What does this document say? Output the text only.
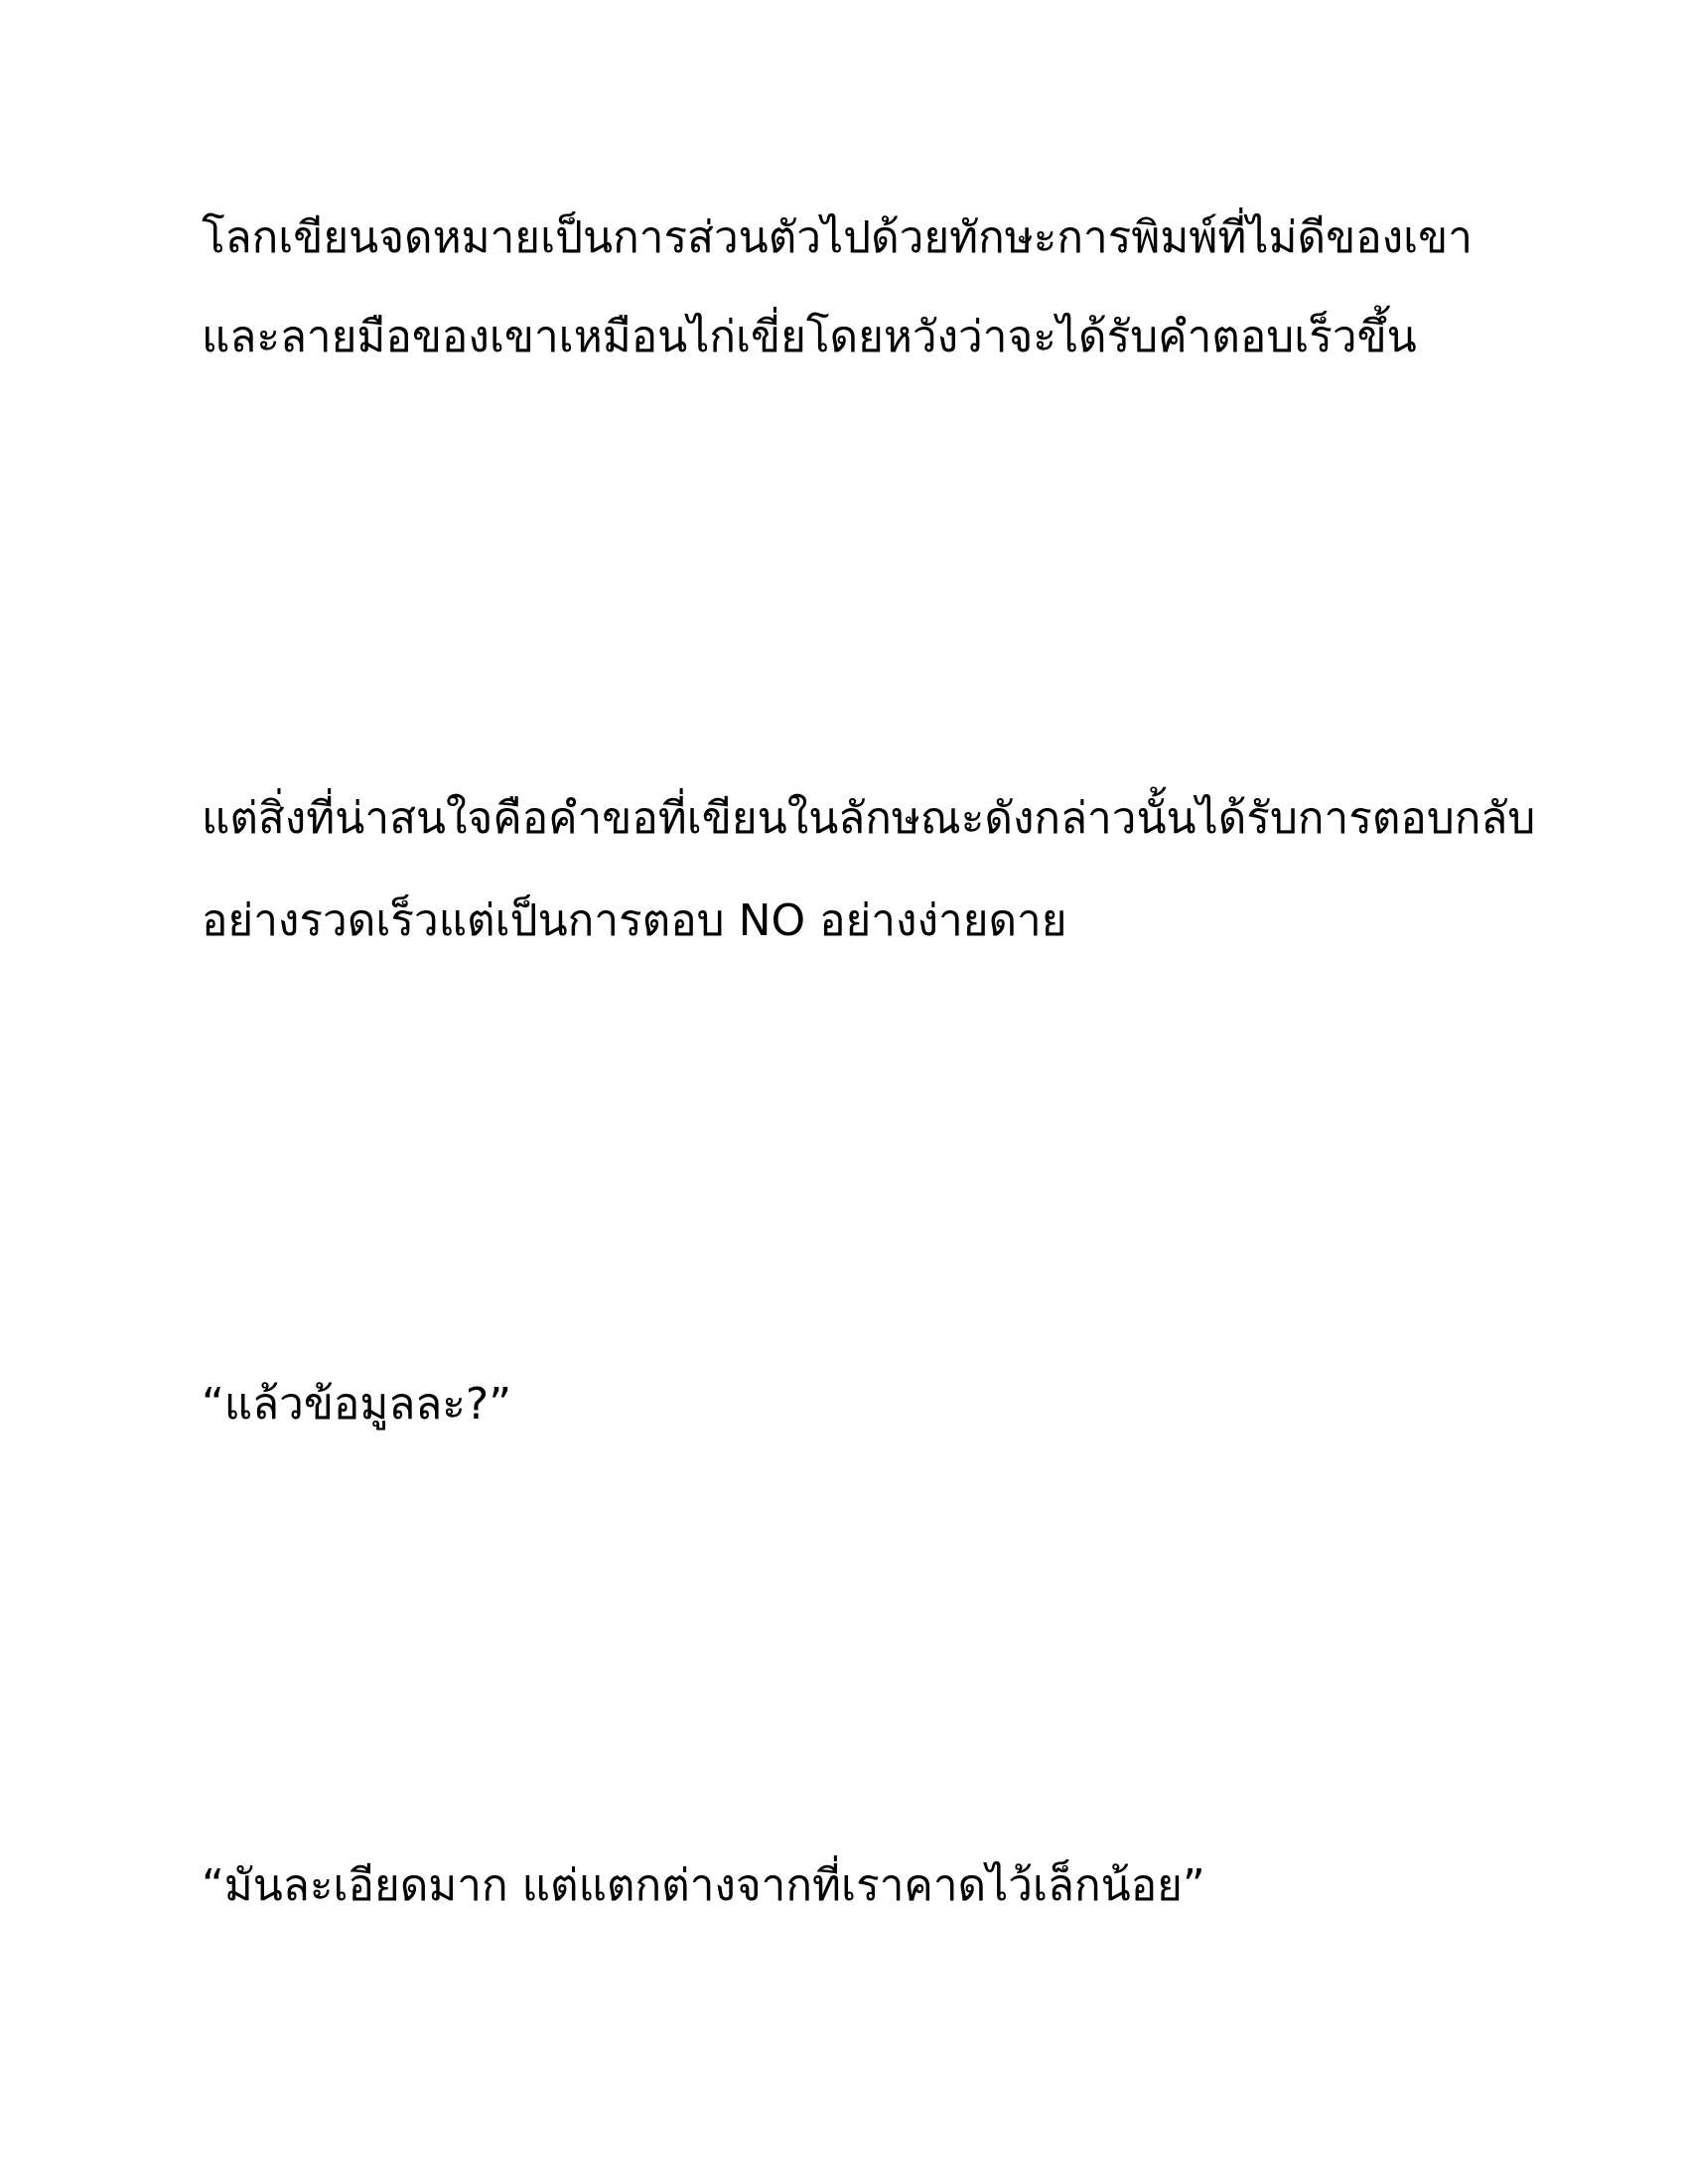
โลกเขียนจดหมายเป็นการส่วนตัวไปด้วยทักษะการพิมพ์ที่ไม่ดีของเขา

และลายมือของเขาเหมือนไก่เขี่ยโดยหวังว่าจะได้รับคำตอบเร็วขึ้น

แต่สิ่งที่น่าสนใจคือคำขอที่เขียนในลักษณะดังกล่าวนั้นได้รับการตอบกลับ

อย่างรวดเร็วแต่เป็นการตอบ NO อย่างง่ายดาย

“แล้วข้อมูลละ?”

“มันละเอียดมาก แต่แตกต่างจากที่เราคาดไว้เล็กน้อย”
